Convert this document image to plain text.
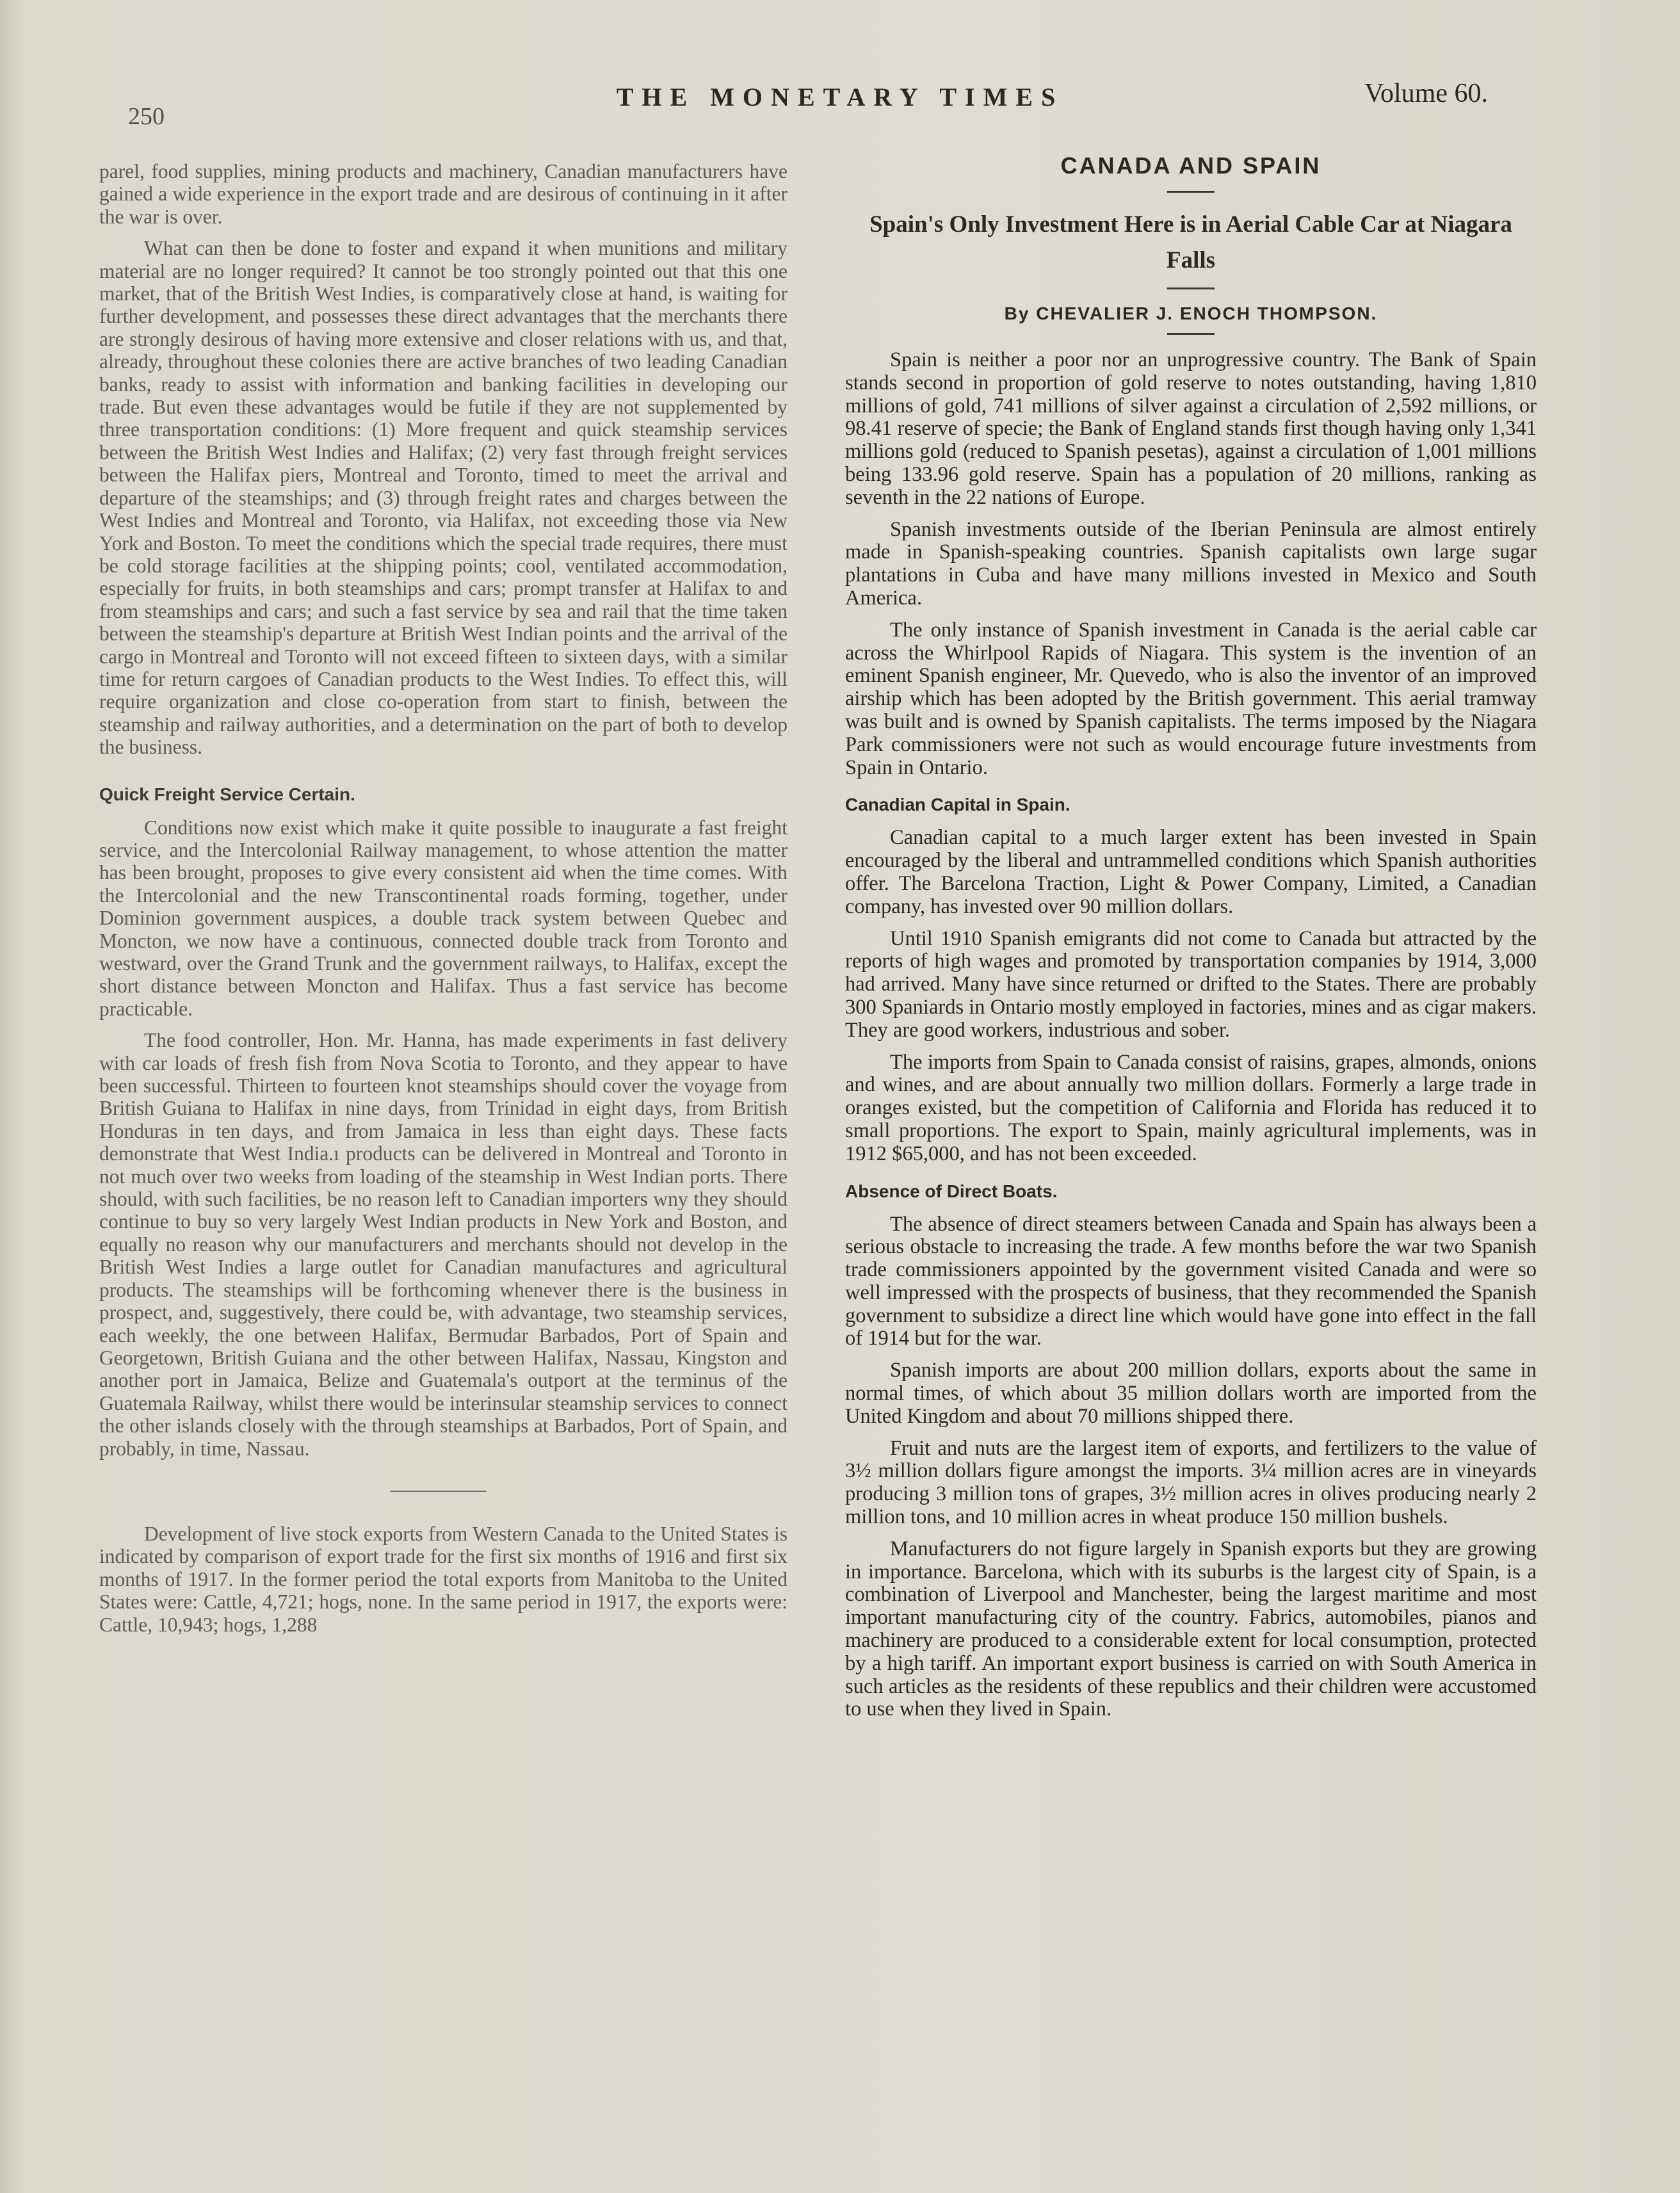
250
THE MONETARY TIMES	Volume 60.

parel, food supplies, mining products and machinery, Canadian manufacturers have gained a wide experience in the export trade and are desirous of continuing in it after the war is over.

What can then be done to foster and expand it when munitions and military material are no longer required? It cannot be too strongly pointed out that this one market, that of the British West Indies, is comparatively close at hand, is waiting for further development, and possesses these direct advantages that the merchants there are strongly desirous of having more extensive and closer relations with us, and that, already, throughout these colonies there are active branches of two leading Canadian banks, ready to assist with information and banking facilities in developing our trade. But even these advantages would be futile if they are not supplemented by three transportation conditions: (1) More frequent and quick steamship services between the British West Indies and Halifax; (2) very fast through freight services between the Halifax piers, Montreal and Toronto, timed to meet the arrival and departure of the steamships; and (3) through freight rates and charges between the West Indies and Montreal and Toronto, via Halifax, not exceeding those via New York and Boston. To meet the conditions which the special trade requires, there must be cold storage facilities at the shipping points; cool, ventilated accommodation, especially for fruits, in both steamships and cars; prompt transfer at Halifax to and from steamships and cars; and such a fast service by sea and rail that the time taken between the steamship's departure at British West Indian points and the arrival of the cargo in Montreal and Toronto will not exceed fifteen to sixteen days, with a similar time for return cargoes of Canadian products to the West Indies. To effect this, will require organization and close co-operation from start to finish, between the steamship and railway authorities, and a determination on the part of both to develop the business.

Quick Freight Service Certain.

Conditions now exist which make it quite possible to inaugurate a fast freight service, and the Intercolonial Railway management, to whose attention the matter has been brought, proposes to give every consistent aid when the time comes. With the Intercolonial and the new Transcontinental roads forming, together, under Dominion government auspices, a double track system between Quebec and Moncton, we now have a continuous, connected double track from Toronto and westward, over the Grand Trunk and the government railways, to Halifax, except the short distance between Moncton and Halifax. Thus a fast service has become practicable.

The food controller, Hon. Mr. Hanna, has made experiments in fast delivery with car loads of fresh fish from Nova Scotia to Toronto, and they appear to have been successful. Thirteen to fourteen knot steamships should cover the voyage from British Guiana to Halifax in nine days, from Trinidad in eight days, from British Honduras in ten days, and from Jamaica in less than eight days. These facts demonstrate that West India.ı products can be delivered in Montreal and Toronto in not much over two weeks from loading of the steamship in West Indian ports. There should, with such facilities, be no reason left to Canadian importers wny they should continue to buy so very largely West Indian products in New York and Boston, and equally no reason why our manufacturers and merchants should not develop in the British West Indies a large outlet for Canadian manufactures and agricultural products. The steamships will be forthcoming whenever there is the business in prospect, and, suggestively, there could be, with advantage, two steamship services, each weekly, the one between Halifax, Bermudar Barbados, Port of Spain and Georgetown, British Guiana and the other between Halifax, Nassau, Kingston and another port in Jamaica, Belize and Guatemala's outport at the terminus of the Guatemala Railway, whilst there would be interinsular steamship services to connect the other islands closely with the through steamships at Barbados, Port of Spain, and probably, in time, Nassau.

Development of live stock exports from Western Canada to the United States is indicated by comparison of export trade for the first six months of 1916 and first six months of 1917. In the former period the total exports from Manitoba to the United States were: Cattle, 4,721; hogs, none. In the same period in 1917, the exports were: Cattle, 10,943; hogs, 1,288

CANADA AND SPAIN
Spain's Only Investment Here is in Aerial Cable Car at Niagara Falls
By CHEVALIER J. ENOCH THOMPSON.

Spain is neither a poor nor an unprogressive country. The Bank of Spain stands second in proportion of gold reserve to notes outstanding, having 1,810 millions of gold, 741 millions of silver against a circulation of 2,592 millions, or 98.41 reserve of specie; the Bank of England stands first though having only 1,341 millions gold (reduced to Spanish pesetas), against a circulation of 1,001 millions being 133.96 gold reserve. Spain has a population of 20 millions, ranking as seventh in the 22 nations of Europe.

Spanish investments outside of the Iberian Peninsula are almost entirely made in Spanish-speaking countries. Spanish capitalists own large sugar plantations in Cuba and have many millions invested in Mexico and South America.

The only instance of Spanish investment in Canada is the aerial cable car across the Whirlpool Rapids of Niagara. This system is the invention of an eminent Spanish engineer, Mr. Quevedo, who is also the inventor of an improved airship which has been adopted by the British government. This aerial tramway was built and is owned by Spanish capitalists. The terms imposed by the Niagara Park commissioners were not such as would encourage future investments from Spain in Ontario.

Canadian Capital in Spain.

Canadian capital to a much larger extent has been invested in Spain encouraged by the liberal and untrammelled conditions which Spanish authorities offer. The Barcelona Traction, Light & Power Company, Limited, a Canadian company, has invested over 90 million dollars.

Until 1910 Spanish emigrants did not come to Canada but attracted by the reports of high wages and promoted by transportation companies by 1914, 3,000 had arrived. Many have since returned or drifted to the States. There are probably 300 Spaniards in Ontario mostly employed in factories, mines and as cigar makers. They are good workers, industrious and sober.

The imports from Spain to Canada consist of raisins, grapes, almonds, onions and wines, and are about annually two million dollars. Formerly a large trade in oranges existed, but the competition of California and Florida has reduced it to small proportions. The export to Spain, mainly agricultural implements, was in 1912 $65,000, and has not been exceeded.

Absence of Direct Boats.

The absence of direct steamers between Canada and Spain has always been a serious obstacle to increasing the trade. A few months before the war two Spanish trade commissioners appointed by the government visited Canada and were so well impressed with the prospects of business, that they recommended the Spanish government to subsidize a direct line which would have gone into effect in the fall of 1914 but for the war.

Spanish imports are about 200 million dollars, exports about the same in normal times, of which about 35 million dollars worth are imported from the United Kingdom and about 70 millions shipped there.

Fruit and nuts are the largest item of exports, and fertilizers to the value of 3½ million dollars figure amongst the imports. 3¼ million acres are in vineyards producing 3 million tons of grapes, 3½ million acres in olives producing nearly 2 million tons, and 10 million acres in wheat produce 150 million bushels.

Manufacturers do not figure largely in Spanish exports but they are growing in importance. Barcelona, which with its suburbs is the largest city of Spain, is a combination of Liverpool and Manchester, being the largest maritime and most important manufacturing city of the country. Fabrics, automobiles, pianos and machinery are produced to a considerable extent for local consumption, protected by a high tariff. An important export business is carried on with South America in such articles as the residents of these republics and their children were accustomed to use when they lived in Spain.
